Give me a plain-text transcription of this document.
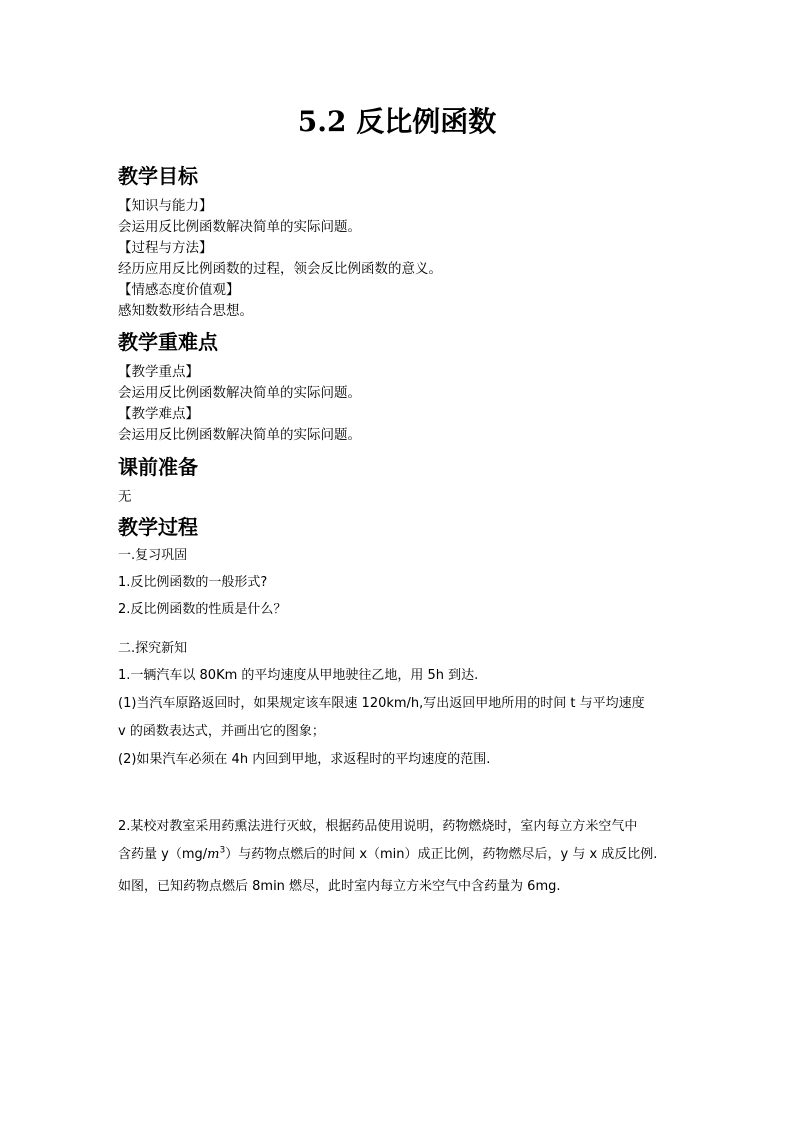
5.2 反比例函数
教学目标
【知识与能力】
会运用反比例函数解决简单的实际问题。
【过程与方法】
经历应用反比例函数的过程，领会反比例函数的意义。
【情感态度价值观】
感知数数形结合思想。
教学重难点
【教学重点】
会运用反比例函数解决简单的实际问题。
【教学难点】
会运用反比例函数解决简单的实际问题。
课前准备
无
教学过程
一.复习巩固
1.反比例函数的一般形式?
2.反比例函数的性质是什么？
二.探究新知
1.一辆汽车以 80Km 的平均速度从甲地驶往乙地，用 5h 到达.
(1)当汽车原路返回时，如果规定该车限速 120km/h,写出返回甲地所用的时间 t 与平均速度
v 的函数表达式，并画出它的图象；
(2)如果汽车必须在 4h 内回到甲地，求返程时的平均速度的范围.
2.某校对教室采用药熏法进行灭蚊，根据药品使用说明，药物燃烧时，室内每立方米空气中
含药量 $y(mg/m^3)$与药物点燃后的时间 x（min）成正比例，药物燃尽后，y 与 x 成反比例.
如图，已知药物点燃后 8min 燃尽，此时室内每立方米空气中含药量为 6mg.
